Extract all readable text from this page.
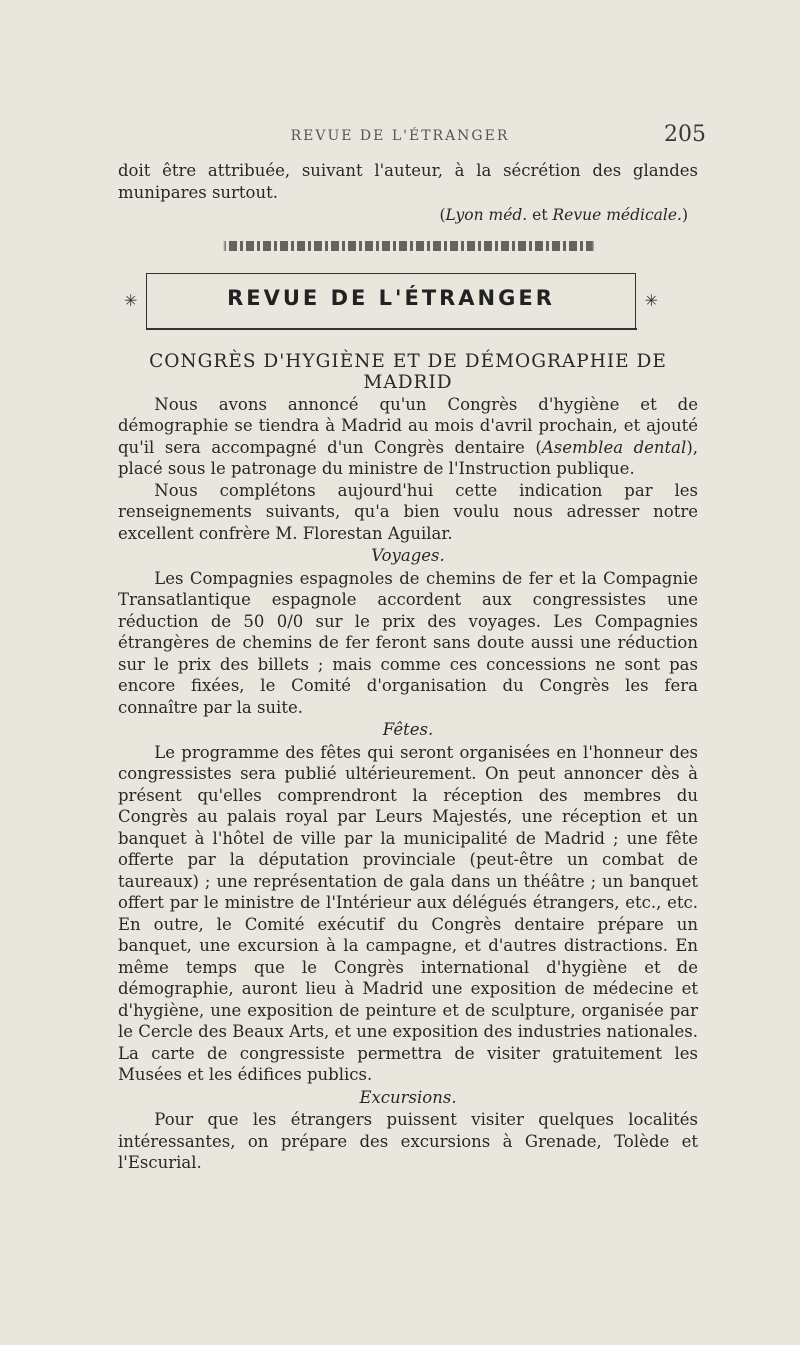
REVUE DE L'ÉTRANGER	205

doit être attribuée, suivant l'auteur, à la sécrétion des glandes munipares surtout.

(Lyon méd. et Revue médicale.)

✳	REVUE DE L'ÉTRANGER	✳
CONGRÈS D'HYGIÈNE ET DE DÉMOGRAPHIE DE MADRID

Nous avons annoncé qu'un Congrès d'hygiène et de démographie se tiendra à Madrid au mois d'avril prochain, et ajouté qu'il sera accompagné d'un Congrès dentaire (Asemblea dental), placé sous le patronage du ministre de l'Instruction publique.

Nous complétons aujourd'hui cette indication par les renseignements suivants, qu'a bien voulu nous adresser notre excellent confrère M. Florestan Aguilar.

Voyages.

Les Compagnies espagnoles de chemins de fer et la Compagnie Transatlantique espagnole accordent aux congressistes une réduction de 50 0/0 sur le prix des voyages. Les Compagnies étrangères de chemins de fer feront sans doute aussi une réduction sur le prix des billets ; mais comme ces concessions ne sont pas encore fixées, le Comité d'organisation du Congrès les fera connaître par la suite.

Fêtes.

Le programme des fêtes qui seront organisées en l'honneur des congressistes sera publié ultérieurement. On peut annoncer dès à présent qu'elles comprendront la réception des membres du Congrès au palais royal par Leurs Majestés, une réception et un banquet à l'hôtel de ville par la municipalité de Madrid ; une fête offerte par la députation provinciale (peut-être un combat de taureaux) ; une représentation de gala dans un théâtre ; un banquet offert par le ministre de l'Intérieur aux délégués étrangers, etc., etc. En outre, le Comité exécutif du Congrès dentaire prépare un banquet, une excursion à la campagne, et d'autres distractions. En même temps que le Congrès international d'hygiène et de démographie, auront lieu à Madrid une exposition de médecine et d'hygiène, une exposition de peinture et de sculpture, organisée par le Cercle des Beaux Arts, et une exposition des industries nationales. La carte de congressiste permettra de visiter gratuitement les Musées et les édifices publics.

Excursions.

Pour que les étrangers puissent visiter quelques localités intéressantes, on prépare des excursions à Grenade, Tolède et l'Escurial.
